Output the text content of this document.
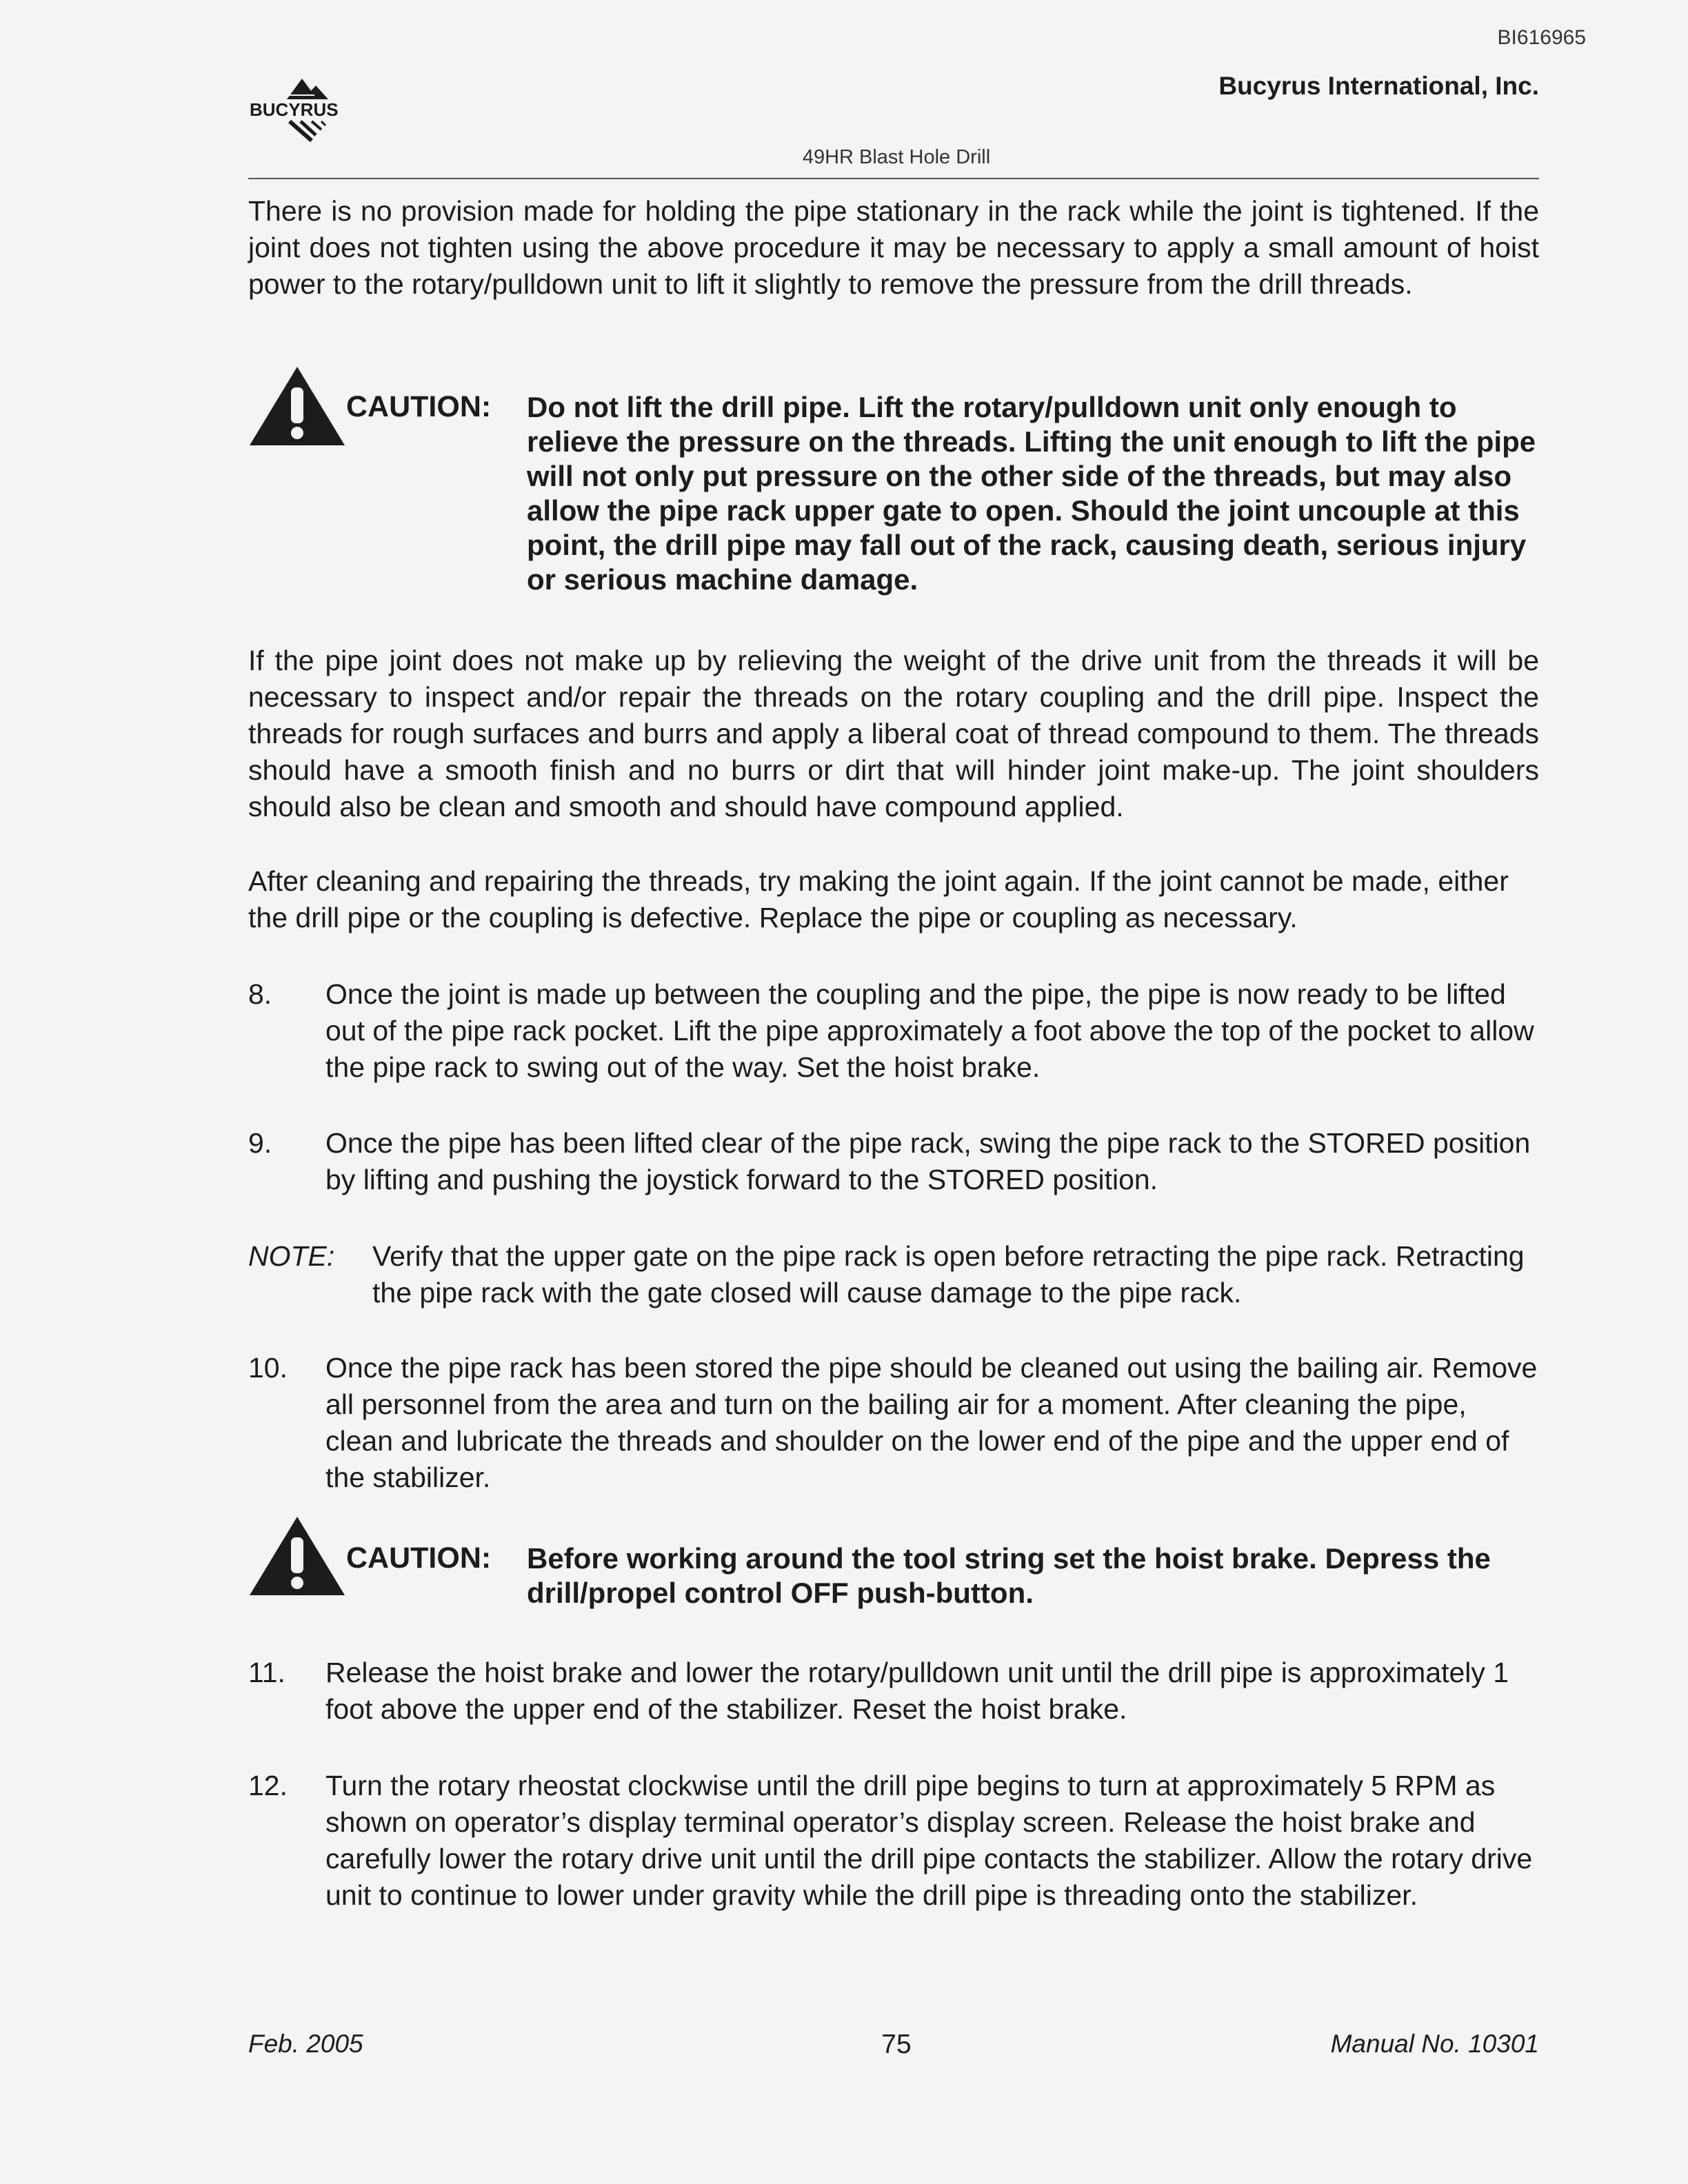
BI616965
BUCYRUS
Bucyrus International, Inc.
49HR Blast Hole Drill
There is no provision made for holding the pipe stationary in the rack while the joint is tightened. If the joint does not tighten using the above procedure it may be necessary to apply a small amount of hoist power to the rotary/pulldown unit to lift it slightly to remove the pressure from the drill threads.
CAUTION: Do not lift the drill pipe. Lift the rotary/pulldown unit only enough to relieve the pressure on the threads. Lifting the unit enough to lift the pipe will not only put pressure on the other side of the threads, but may also allow the pipe rack upper gate to open. Should the joint uncouple at this point, the drill pipe may fall out of the rack, causing death, serious injury or serious machine damage.
If the pipe joint does not make up by relieving the weight of the drive unit from the threads it will be necessary to inspect and/or repair the threads on the rotary coupling and the drill pipe. Inspect the threads for rough surfaces and burrs and apply a liberal coat of thread compound to them. The threads should have a smooth finish and no burrs or dirt that will hinder joint make-up. The joint shoulders should also be clean and smooth and should have compound applied.
After cleaning and repairing the threads, try making the joint again. If the joint cannot be made, either the drill pipe or the coupling is defective. Replace the pipe or coupling as necessary.
8. Once the joint is made up between the coupling and the pipe, the pipe is now ready to be lifted out of the pipe rack pocket. Lift the pipe approximately a foot above the top of the pocket to allow the pipe rack to swing out of the way. Set the hoist brake.
9. Once the pipe has been lifted clear of the pipe rack, swing the pipe rack to the STORED position by lifting and pushing the joystick forward to the STORED position.
NOTE: Verify that the upper gate on the pipe rack is open before retracting the pipe rack. Retracting the pipe rack with the gate closed will cause damage to the pipe rack.
10. Once the pipe rack has been stored the pipe should be cleaned out using the bailing air. Remove all personnel from the area and turn on the bailing air for a moment. After cleaning the pipe, clean and lubricate the threads and shoulder on the lower end of the pipe and the upper end of the stabilizer.
CAUTION: Before working around the tool string set the hoist brake. Depress the drill/propel control OFF push-button.
11. Release the hoist brake and lower the rotary/pulldown unit until the drill pipe is approximately 1 foot above the upper end of the stabilizer. Reset the hoist brake.
12. Turn the rotary rheostat clockwise until the drill pipe begins to turn at approximately 5 RPM as shown on operator’s display terminal operator’s display screen. Release the hoist brake and carefully lower the rotary drive unit until the drill pipe contacts the stabilizer. Allow the rotary drive unit to continue to lower under gravity while the drill pipe is threading onto the stabilizer.
Feb. 2005	75	Manual No. 10301
